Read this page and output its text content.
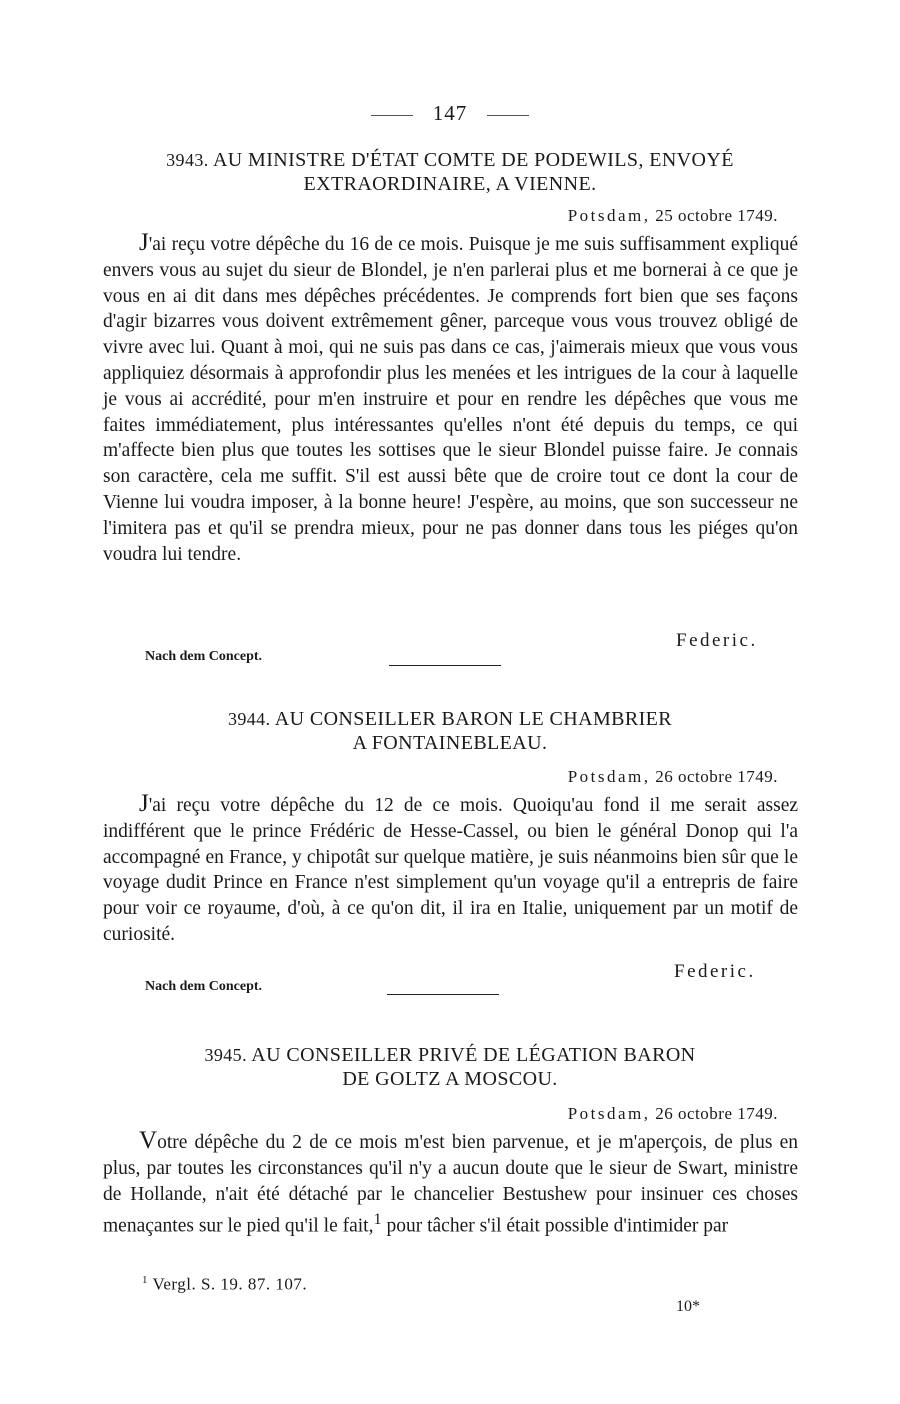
147
3943. AU MINISTRE D'ÉTAT COMTE DE PODEWILS, ENVOYÉ
EXTRAORDINAIRE, A VIENNE.
Potsdam, 25 octobre 1749.
J'ai reçu votre dépêche du 16 de ce mois. Puisque je me suis suffisamment expliqué envers vous au sujet du sieur de Blondel, je n'en parlerai plus et me bornerai à ce que je vous en ai dit dans mes dépêches précédentes. Je comprends fort bien que ses façons d'agir bizarres vous doivent extrêmement gêner, parceque vous vous trouvez obligé de vivre avec lui. Quant à moi, qui ne suis pas dans ce cas, j'aimerais mieux que vous vous appliquiez désormais à approfondir plus les menées et les intrigues de la cour à laquelle je vous ai accrédité, pour m'en instruire et pour en rendre les dépêches que vous me faites immédiatement, plus intéressantes qu'elles n'ont été depuis du temps, ce qui m'affecte bien plus que toutes les sottises que le sieur Blondel puisse faire. Je connais son caractère, cela me suffit. S'il est aussi bête que de croire tout ce dont la cour de Vienne lui voudra imposer, à la bonne heure! J'espère, au moins, que son successeur ne l'imitera pas et qu'il se prendra mieux, pour ne pas donner dans tous les piéges qu'on voudra lui tendre.
Federic.
Nach dem Concept.
3944. AU CONSEILLER BARON LE CHAMBRIER
A FONTAINEBLEAU.
Potsdam, 26 octobre 1749.
J'ai reçu votre dépêche du 12 de ce mois. Quoiqu'au fond il me serait assez indifférent que le prince Frédéric de Hesse-Cassel, ou bien le général Donop qui l'a accompagné en France, y chipotât sur quelque matière, je suis néanmoins bien sûr que le voyage dudit Prince en France n'est simplement qu'un voyage qu'il a entrepris de faire pour voir ce royaume, d'où, à ce qu'on dit, il ira en Italie, uniquement par un motif de curiosité.
Federic.
Nach dem Concept.
3945. AU CONSEILLER PRIVÉ DE LÉGATION BARON
DE GOLTZ A MOSCOU.
Potsdam, 26 octobre 1749.
Votre dépêche du 2 de ce mois m'est bien parvenue, et je m'aperçois, de plus en plus, par toutes les circonstances qu'il n'y a aucun doute que le sieur de Swart, ministre de Hollande, n'ait été détaché par le chancelier Bestushew pour insinuer ces choses menaçantes sur le pied qu'il le fait,$^1$ pour tâcher s'il était possible d'intimider par
$^1$ Vergl. S. 19. 87. 107.
10*
